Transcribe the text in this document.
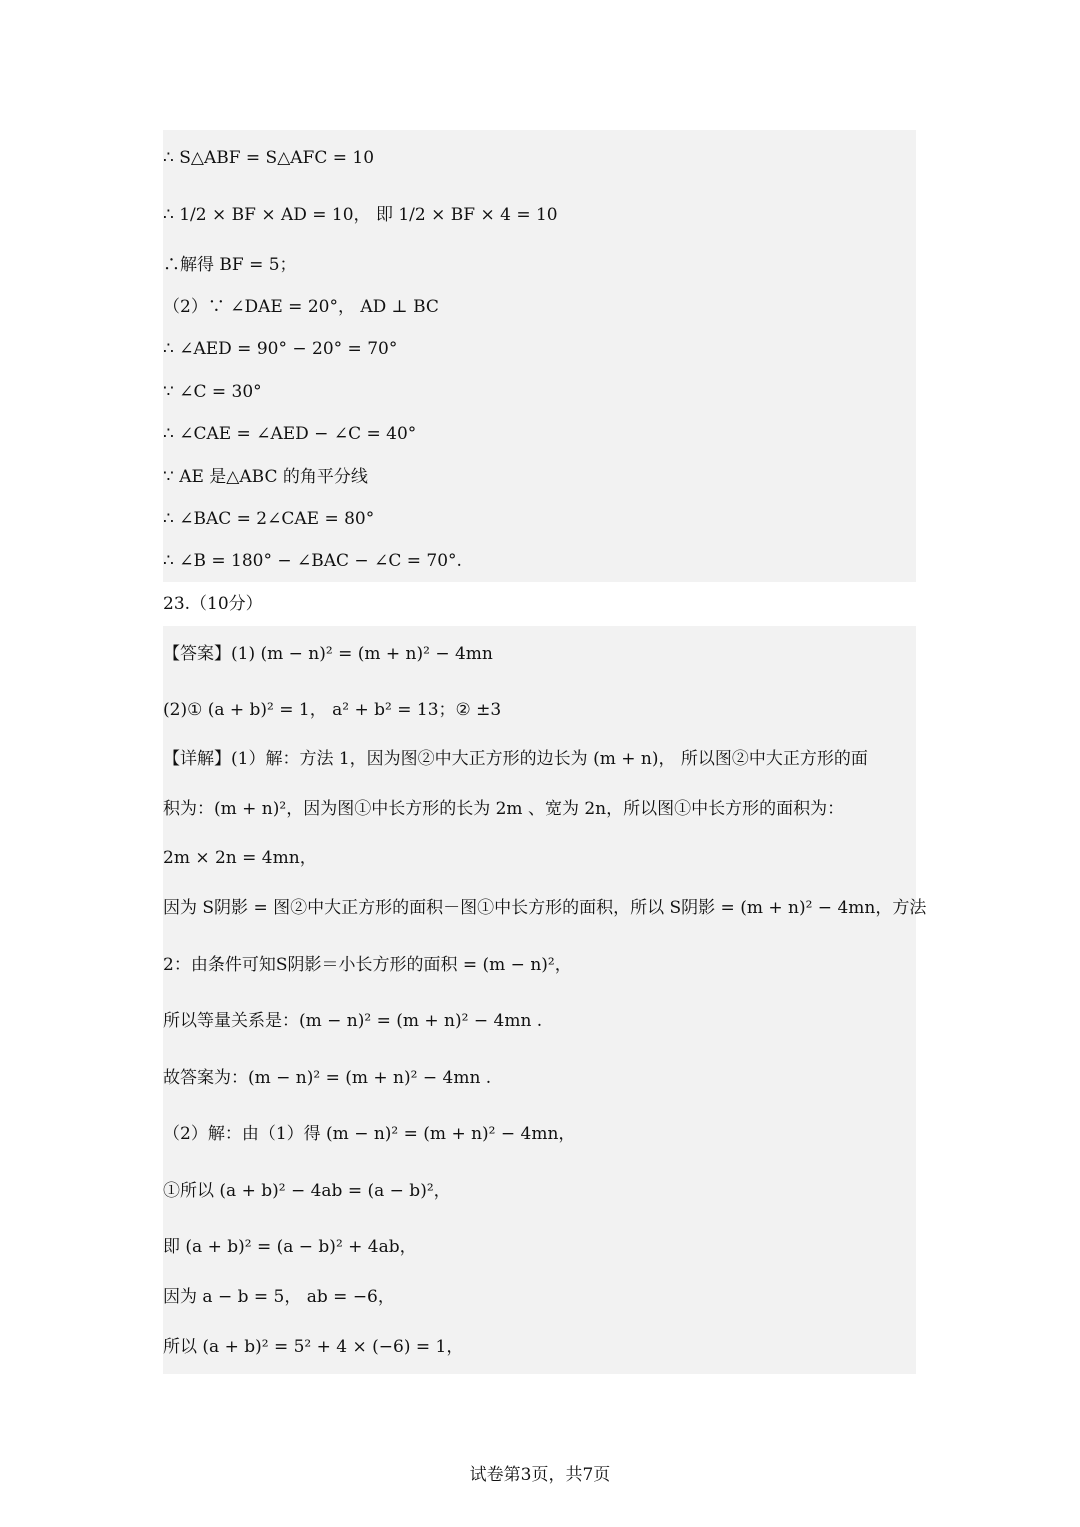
∴ S△ABF = S△AFC = 10
∴ 1/2 × BF × AD = 10， 即 1/2 × BF × 4 = 10
∴解得 BF = 5；
（2）∵ ∠DAE = 20°， AD ⊥ BC
∴ ∠AED = 90° − 20° = 70°
∵ ∠C = 30°
∴ ∠CAE = ∠AED − ∠C = 40°
∵ AE 是△ABC 的角平分线
∴ ∠BAC = 2∠CAE = 80°
∴ ∠B = 180° − ∠BAC − ∠C = 70°.
23.（10分）
【答案】(1) (m − n)² = (m + n)² − 4mn
(2)① (a + b)² = 1， a² + b² = 13；② ±3
【详解】(1）解：方法 1，因为图②中大正方形的边长为 (m + n)， 所以图②中大正方形的面
积为：(m + n)²，因为图①中长方形的长为 2m 、宽为 2n，所以图①中长方形的面积为：
2m × 2n = 4mn，
因为 S阴影 = 图②中大正方形的面积－图①中长方形的面积，所以 S阴影 = (m + n)² − 4mn，方法
2：由条件可知S阴影＝小长方形的面积 = (m − n)²，
所以等量关系是：(m − n)² = (m + n)² − 4mn .
故答案为：(m − n)² = (m + n)² − 4mn .
（2）解：由（1）得 (m − n)² = (m + n)² − 4mn，
①所以 (a + b)² − 4ab = (a − b)²，
即 (a + b)² = (a − b)² + 4ab，
因为 a − b = 5， ab = −6，
所以 (a + b)² = 5² + 4 × (−6) = 1，
试卷第3页，共7页
